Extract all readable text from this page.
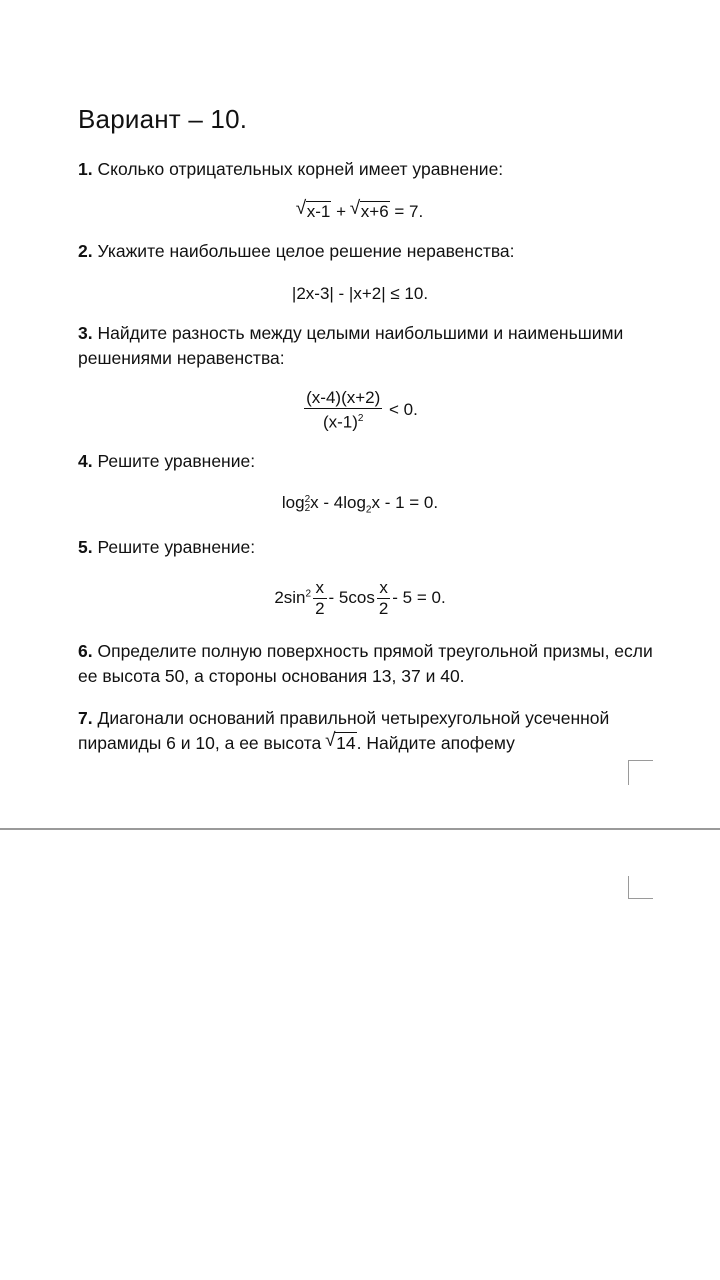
Вариант – 10.
1. Сколько отрицательных корней имеет уравнение:
√ x-1 + √ x+6 = 7.
2. Укажите наибольшее целое решение неравенства:
|2x-3| - |x+2| ≤ 10.
3. Найдите разность между целыми наибольшими и наименьшими решениями неравенства:
$\frac{(x-4)(x+2)}{(x-1)^2} < 0$.
4. Решите уравнение:
log 2
2 $x - 4\log_2x - 1 = 0$.
5. Решите уравнение:
$2\sin^2 \frac{x}{2} - 5\cos \frac{x}{2} - 5 = 0$.
6. Определите полную поверхность прямой треугольной призмы, если ее высота 50, а стороны основания 13, 37 и 40.
7. Диагонали оснований правильной четырехугольной усеченной пирамиды 6 и 10, а ее высота √ 14. Найдите апофему
